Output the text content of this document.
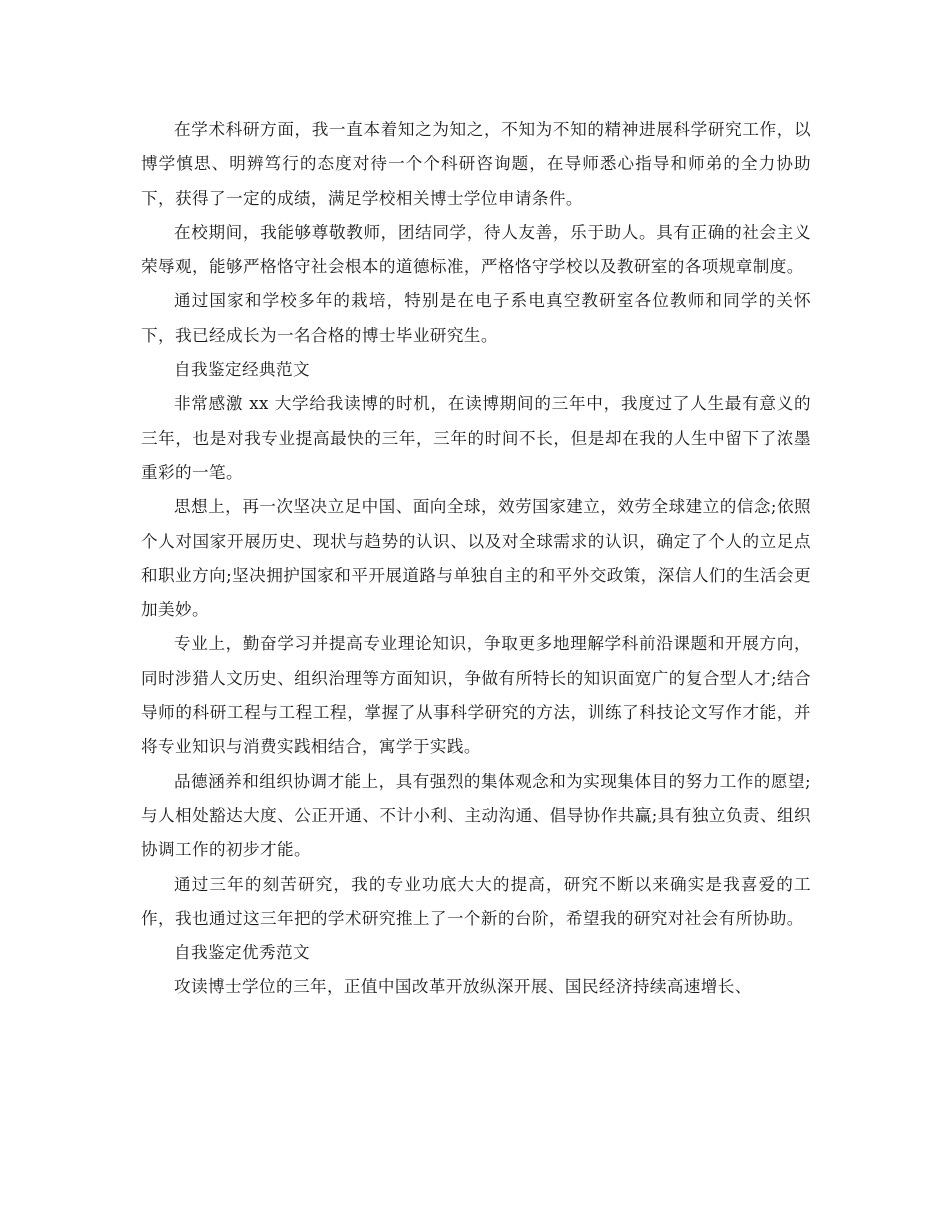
在学术科研方面，我一直本着知之为知之，不知为不知的精神进展科学研究工作，以博学慎思、明辨笃行的态度对待一个个科研咨询题，在导师悉心指导和师弟的全力协助下，获得了一定的成绩，满足学校相关博士学位申请条件。

在校期间，我能够尊敬教师，团结同学，待人友善，乐于助人。具有正确的社会主义荣辱观，能够严格恪守社会根本的道德标准，严格恪守学校以及教研室的各项规章制度。

通过国家和学校多年的栽培，特别是在电子系电真空教研室各位教师和同学的关怀下，我已经成长为一名合格的博士毕业研究生。

自我鉴定经典范文

非常感激 xx 大学给我读博的时机，在读博期间的三年中，我度过了人生最有意义的三年，也是对我专业提高最快的三年，三年的时间不长，但是却在我的人生中留下了浓墨重彩的一笔。

思想上，再一次坚决立足中国、面向全球，效劳国家建立，效劳全球建立的信念;依照个人对国家开展历史、现状与趋势的认识、以及对全球需求的认识，确定了个人的立足点和职业方向;坚决拥护国家和平开展道路与单独自主的和平外交政策，深信人们的生活会更加美妙。

专业上，勤奋学习并提高专业理论知识，争取更多地理解学科前沿课题和开展方向，同时涉猎人文历史、组织治理等方面知识，争做有所特长的知识面宽广的复合型人才;结合导师的科研工程与工程工程，掌握了从事科学研究的方法，训练了科技论文写作才能，并将专业知识与消费实践相结合，寓学于实践。

品德涵养和组织协调才能上，具有强烈的集体观念和为实现集体目的努力工作的愿望;与人相处豁达大度、公正开通、不计小利、主动沟通、倡导协作共赢;具有独立负责、组织协调工作的初步才能。

通过三年的刻苦研究，我的专业功底大大的提高，研究不断以来确实是我喜爱的工作，我也通过这三年把的学术研究推上了一个新的台阶，希望我的研究对社会有所协助。

自我鉴定优秀范文

攻读博士学位的三年，正值中国改革开放纵深开展、国民经济持续高速增长、
